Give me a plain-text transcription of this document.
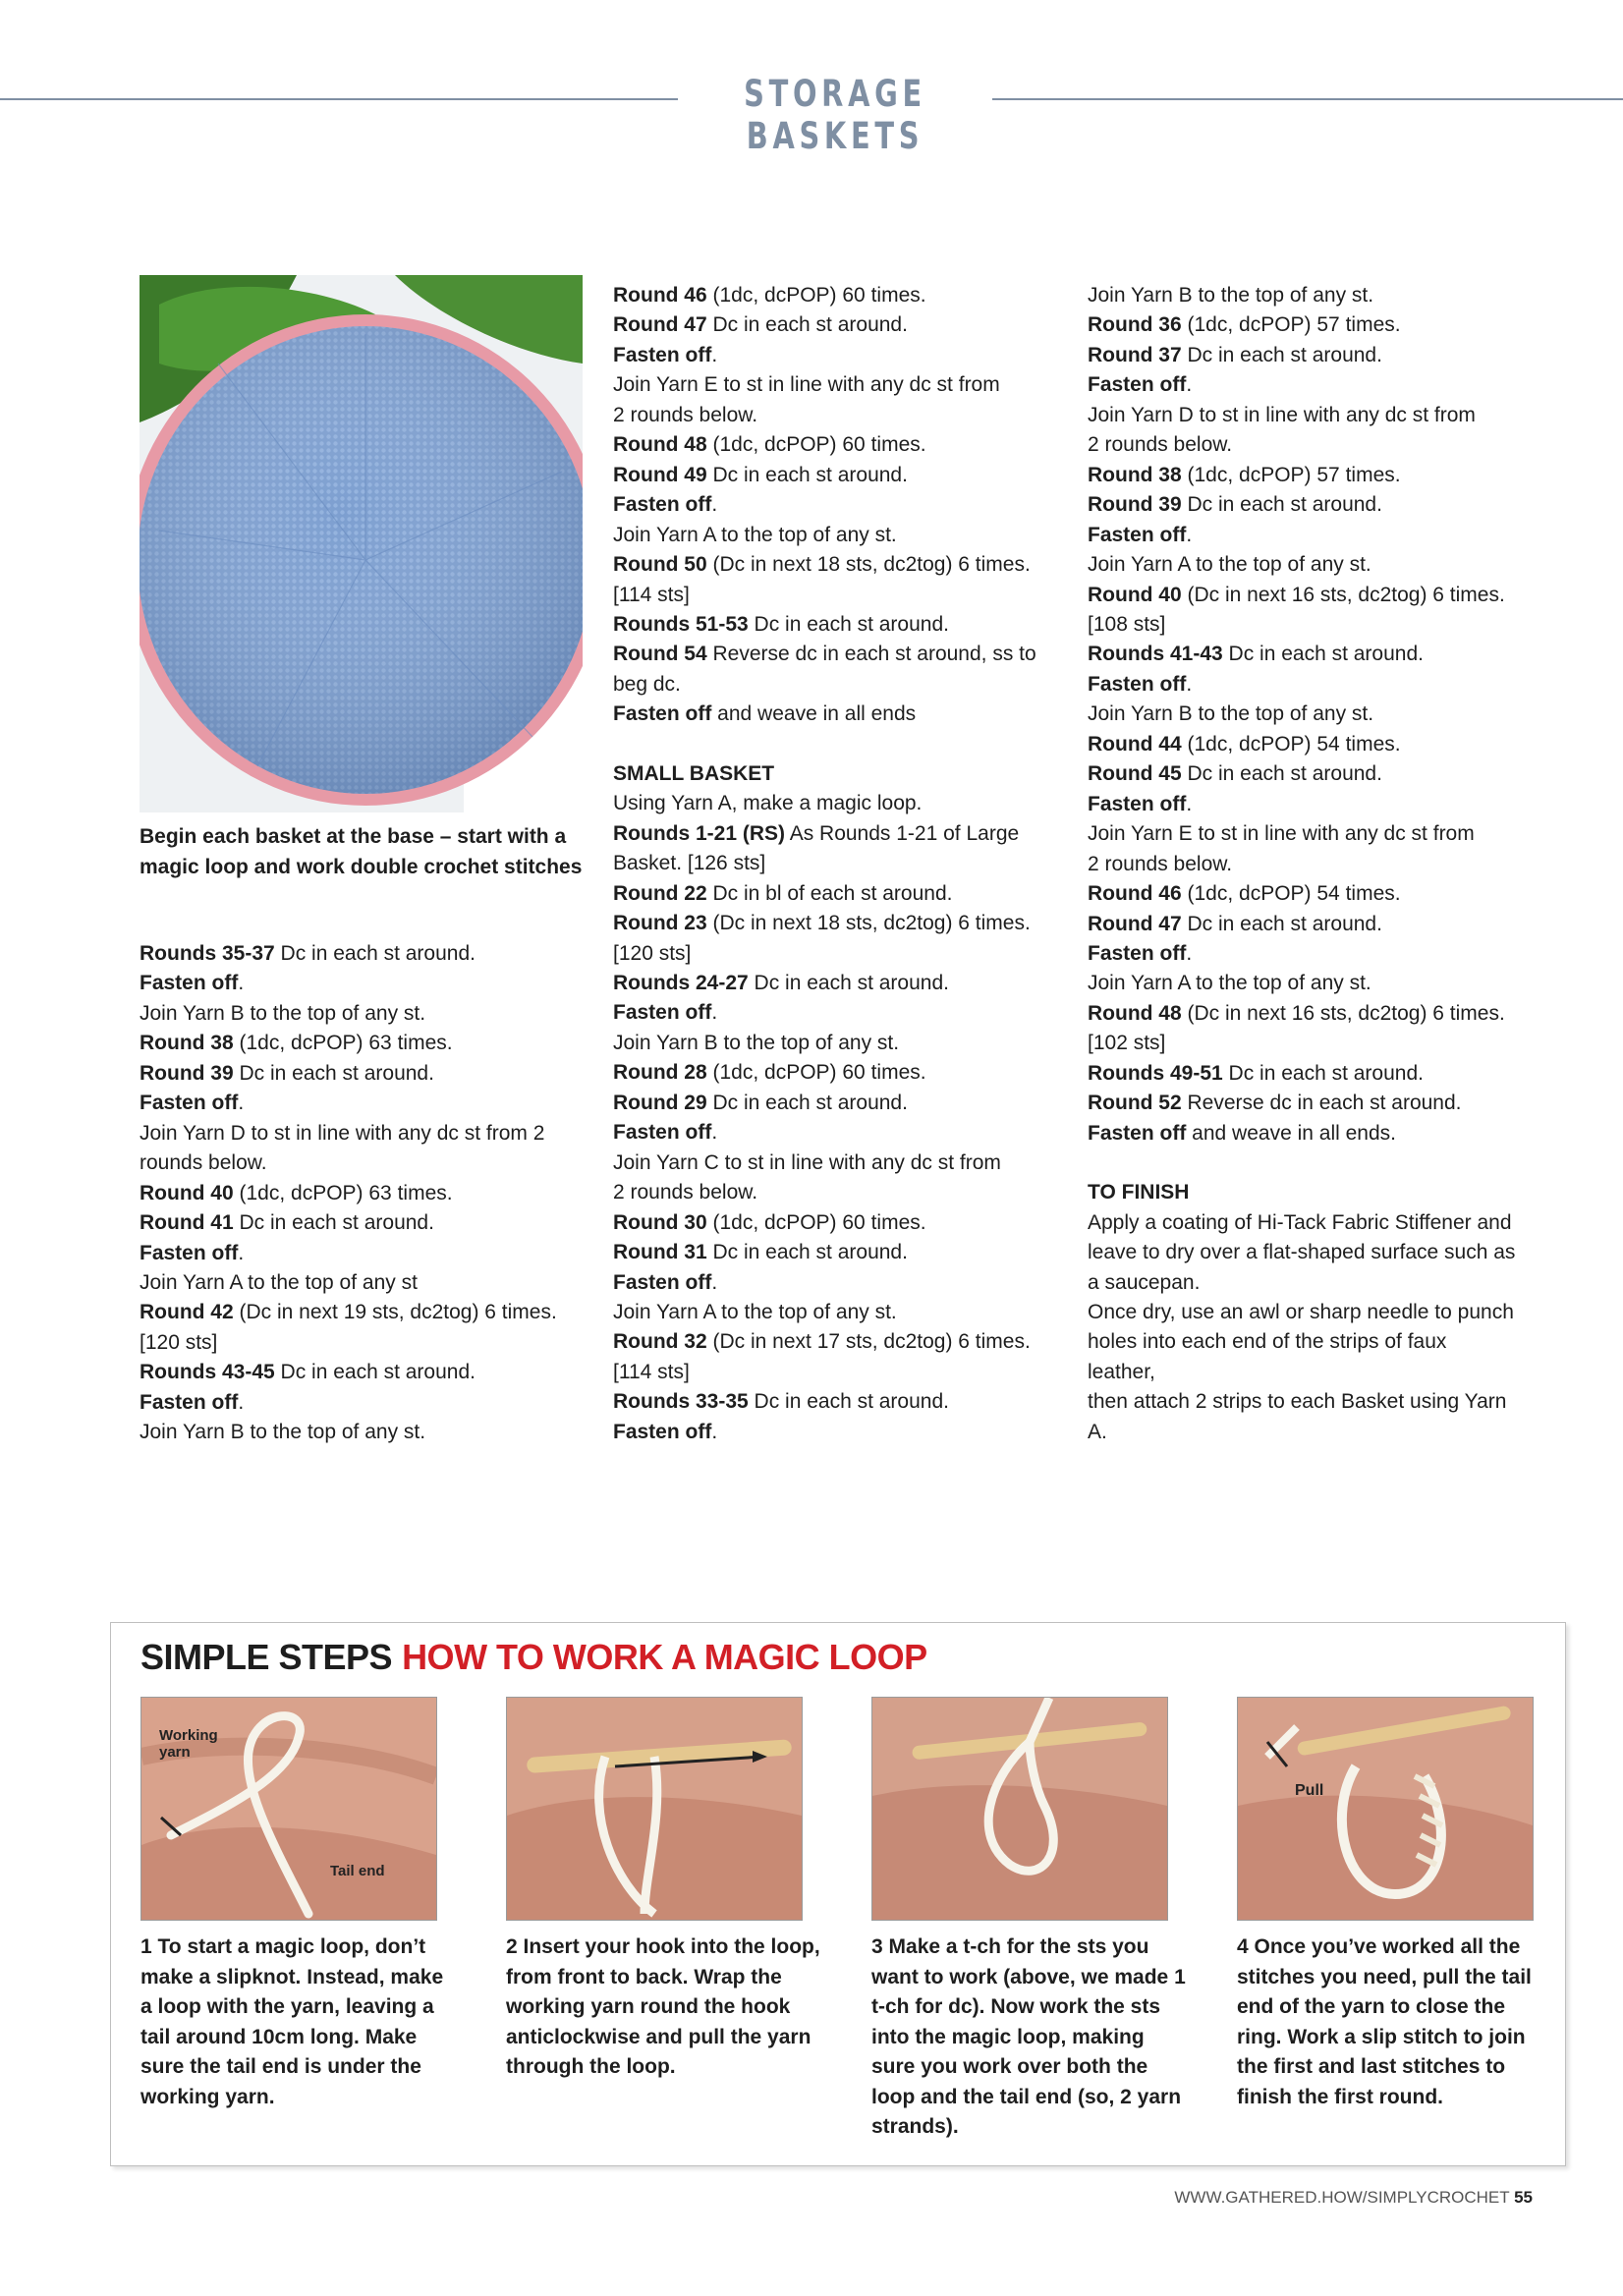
STORAGE BASKETS
Begin each basket at the base – start with a magic loop and work double crochet stitches

Rounds 35-37 Dc in each st around.

Fasten off.

Join Yarn B to the top of any st.

Round 38 (1dc, dcPOP) 63 times.

Round 39 Dc in each st around.

Fasten off.

Join Yarn D to st in line with any dc st from 2

rounds below.

Round 40 (1dc, dcPOP) 63 times.

Round 41 Dc in each st around.

Fasten off.

Join Yarn A to the top of any st

Round 42 (Dc in next 19 sts, dc2tog) 6 times.

[120 sts]

Rounds 43-45 Dc in each st around.

Fasten off.

Join Yarn B to the top of any st.

Round 46 (1dc, dcPOP) 60 times.

Round 47 Dc in each st around.

Fasten off.

Join Yarn E to st in line with any dc st from

2 rounds below.

Round 48 (1dc, dcPOP) 60 times.

Round 49 Dc in each st around.

Fasten off.

Join Yarn A to the top of any st.

Round 50 (Dc in next 18 sts, dc2tog) 6 times.

[114 sts]

Rounds 51-53 Dc in each st around.

Round 54 Reverse dc in each st around, ss to

beg dc.

Fasten off and weave in all ends

SMALL BASKET

Using Yarn A, make a magic loop.

Rounds 1-21 (RS) As Rounds 1-21 of Large

Basket. [126 sts]

Round 22 Dc in bl of each st around.

Round 23 (Dc in next 18 sts, dc2tog) 6 times.

[120 sts]

Rounds 24-27 Dc in each st around.

Fasten off.

Join Yarn B to the top of any st.

Round 28 (1dc, dcPOP) 60 times.

Round 29 Dc in each st around.

Fasten off.

Join Yarn C to st in line with any dc st from

2 rounds below.

Round 30 (1dc, dcPOP) 60 times.

Round 31 Dc in each st around.

Fasten off.

Join Yarn A to the top of any st.

Round 32 (Dc in next 17 sts, dc2tog) 6 times.

[114 sts]

Rounds 33-35 Dc in each st around.

Fasten off.

Join Yarn B to the top of any st.

Round 36 (1dc, dcPOP) 57 times.

Round 37 Dc in each st around.

Fasten off.

Join Yarn D to st in line with any dc st from

2 rounds below.

Round 38 (1dc, dcPOP) 57 times.

Round 39 Dc in each st around.

Fasten off.

Join Yarn A to the top of any st.

Round 40 (Dc in next 16 sts, dc2tog) 6 times.

[108 sts]

Rounds 41-43 Dc in each st around.

Fasten off.

Join Yarn B to the top of any st.

Round 44 (1dc, dcPOP) 54 times.

Round 45 Dc in each st around.

Fasten off.

Join Yarn E to st in line with any dc st from

2 rounds below.

Round 46 (1dc, dcPOP) 54 times.

Round 47 Dc in each st around.

Fasten off.

Join Yarn A to the top of any st.

Round 48 (Dc in next 16 sts, dc2tog) 6 times.

[102 sts]

Rounds 49-51 Dc in each st around.

Round 52 Reverse dc in each st around.

Fasten off and weave in all ends.

TO FINISH

Apply a coating of Hi-Tack Fabric Stiffener and

leave to dry over a flat-shaped surface such as

a saucepan.

Once dry, use an awl or sharp needle to punch

holes into each end of the strips of faux leather,

then attach 2 strips to each Basket using Yarn A.

SIMPLE STEPS HOW TO WORK A MAGIC LOOP
Working yarn
Tail end
Pull
1 To start a magic loop, don’t make a slipknot. Instead, make a loop with the yarn, leaving a tail around 10cm long. Make sure the tail end is under the working yarn.
2 Insert your hook into the loop, from front to back. Wrap the working yarn round the hook anticlockwise and pull the yarn through the loop.
3 Make a t-ch for the sts you want to work (above, we made 1 t-ch for dc). Now work the sts into the magic loop, making sure you work over both the loop and the tail end (so, 2 yarn strands).
4 Once you’ve worked all the stitches you need, pull the tail end of the yarn to close the ring. Work a slip stitch to join the first and last stitches to finish the first round.
WWW.GATHERED.HOW/SIMPLYCROCHET 55
